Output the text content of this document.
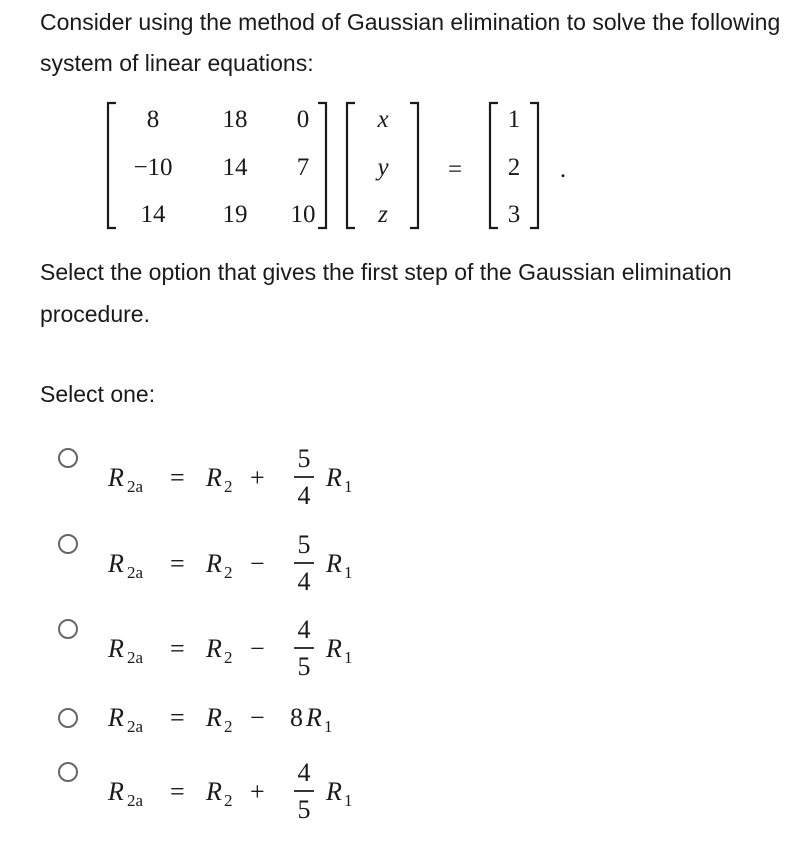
Consider using the method of Gaussian elimination to solve the following system of linear equations:

8	18 0
−10 14 7
14 19 10
x
y
z
=
1
2
3
.

Select the option that gives the first step of the Gaussian elimination procedure.

Select one:

R 2a = R 2 +
5
4
R 1
R 2a = R 2 −
5
4
R 1
R 2a = R 2 −
4
5
R 1
R 2a = R 2 − 8 R 1
R 2a = R 2 +
4
5
R 1
